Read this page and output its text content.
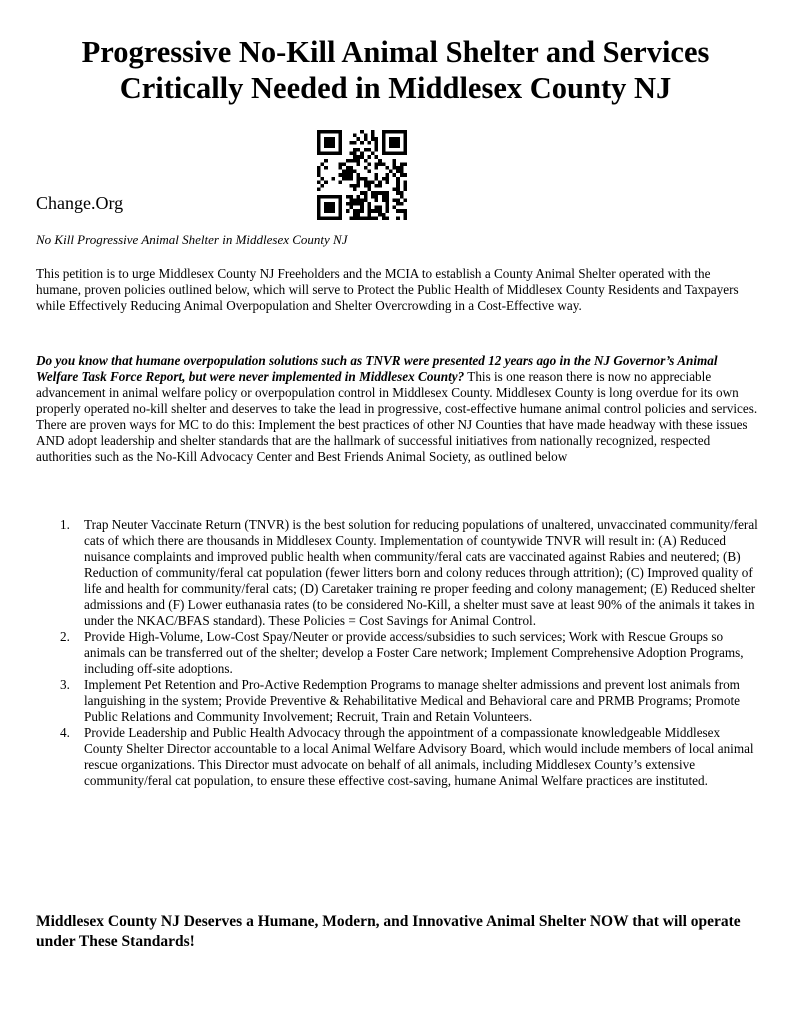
Progressive No-Kill Animal Shelter and Services
Critically Needed in Middlesex County NJ
Change.Org
No Kill Progressive Animal Shelter in Middlesex County NJ

This petition is to urge Middlesex County NJ Freeholders and the MCIA to establish a County Animal Shelter operated with the humane, proven policies outlined below, which will serve to Protect the Public Health of Middlesex County Residents and Taxpayers while Effectively Reducing Animal Overpopulation and Shelter Overcrowding in a Cost-Effective way.

Do you know that humane overpopulation solutions such as TNVR were presented 12 years ago in the NJ Governor’s Animal Welfare Task Force Report, but were never implemented in Middlesex County? This is one reason there is now no appreciable advancement in animal welfare policy or overpopulation control in Middlesex County. Middlesex County is long overdue for its own properly operated no-kill shelter and deserves to take the lead in progressive, cost-effective humane animal control policies and services. There are proven ways for MC to do this: Implement the best practices of other NJ Counties that have made headway with these issues AND adopt leadership and shelter standards that are the hallmark of successful initiatives from nationally recognized, respected authorities such as the No-Kill Advocacy Center and Best Friends Animal Society, as outlined below

1. Trap Neuter Vaccinate Return (TNVR) is the best solution for reducing populations of unaltered, unvaccinated community/feral cats of which there are thousands in Middlesex County. Implementation of countywide TNVR will result in: (A) Reduced nuisance complaints and improved public health when community/feral cats are vaccinated against Rabies and neutered; (B) Reduction of community/feral cat population (fewer litters born and colony reduces through attrition); (C) Improved quality of life and health for community/feral cats; (D) Caretaker training re proper feeding and colony management; (E) Reduced shelter admissions and (F) Lower euthanasia rates (to be considered No-Kill, a shelter must save at least 90% of the animals it takes in under the NKAC/BFAS standard). These Policies = Cost Savings for Animal Control.
2. Provide High-Volume, Low-Cost Spay/Neuter or provide access/subsidies to such services; Work with Rescue Groups so animals can be transferred out of the shelter; develop a Foster Care network; Implement Comprehensive Adoption Programs, including off-site adoptions.
3. Implement Pet Retention and Pro-Active Redemption Programs to manage shelter admissions and prevent lost animals from languishing in the system; Provide Preventive & Rehabilitative Medical and Behavioral care and PRMB Programs; Promote Public Relations and Community Involvement; Recruit, Train and Retain Volunteers.
4. Provide Leadership and Public Health Advocacy through the appointment of a compassionate knowledgeable Middlesex County Shelter Director accountable to a local Animal Welfare Advisory Board, which would include members of local animal rescue organizations. This Director must advocate on behalf of all animals, including Middlesex County’s extensive community/feral cat population, to ensure these effective cost-saving, humane Animal Welfare practices are instituted.

Middlesex County NJ Deserves a Humane, Modern, and Innovative Animal Shelter NOW that will operate under These Standards!
